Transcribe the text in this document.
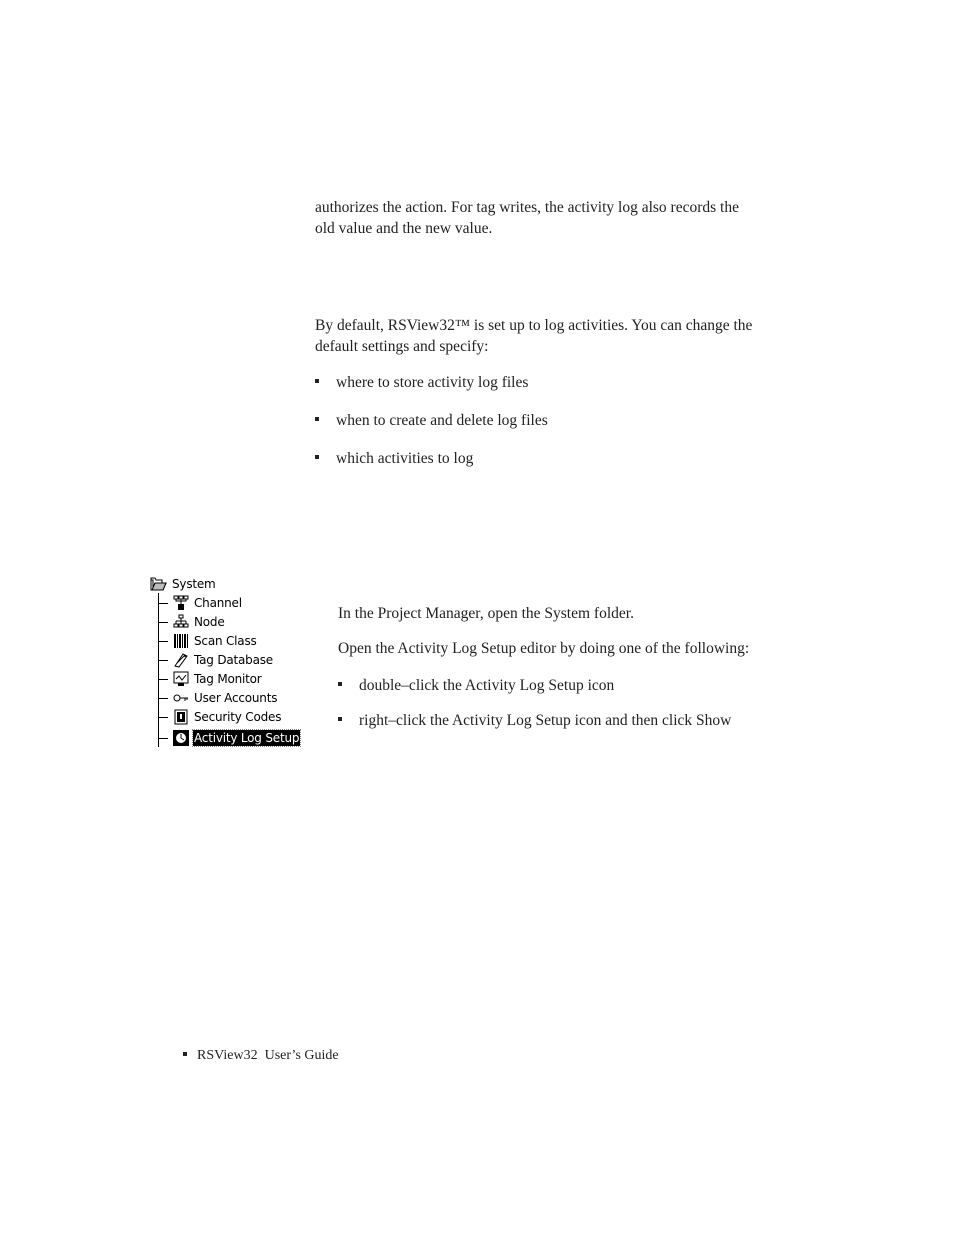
authorizes the action. For tag writes, the activity log also records the
old value and the new value.

By default, RSView32™ is set up to log activities. You can change the
default settings and specify:

where to store activity log files
when to create and delete log files
which activities to log
System
Channel
Node
Scan Class
Tag Database
Tag Monitor
User Accounts
Security Codes
Activity Log Setup

In the Project Manager, open the System folder.

Open the Activity Log Setup editor by doing one of the following:

double–click the Activity Log Setup icon
right–click the Activity Log Setup icon and then click Show
RSView32  User’s Guide
